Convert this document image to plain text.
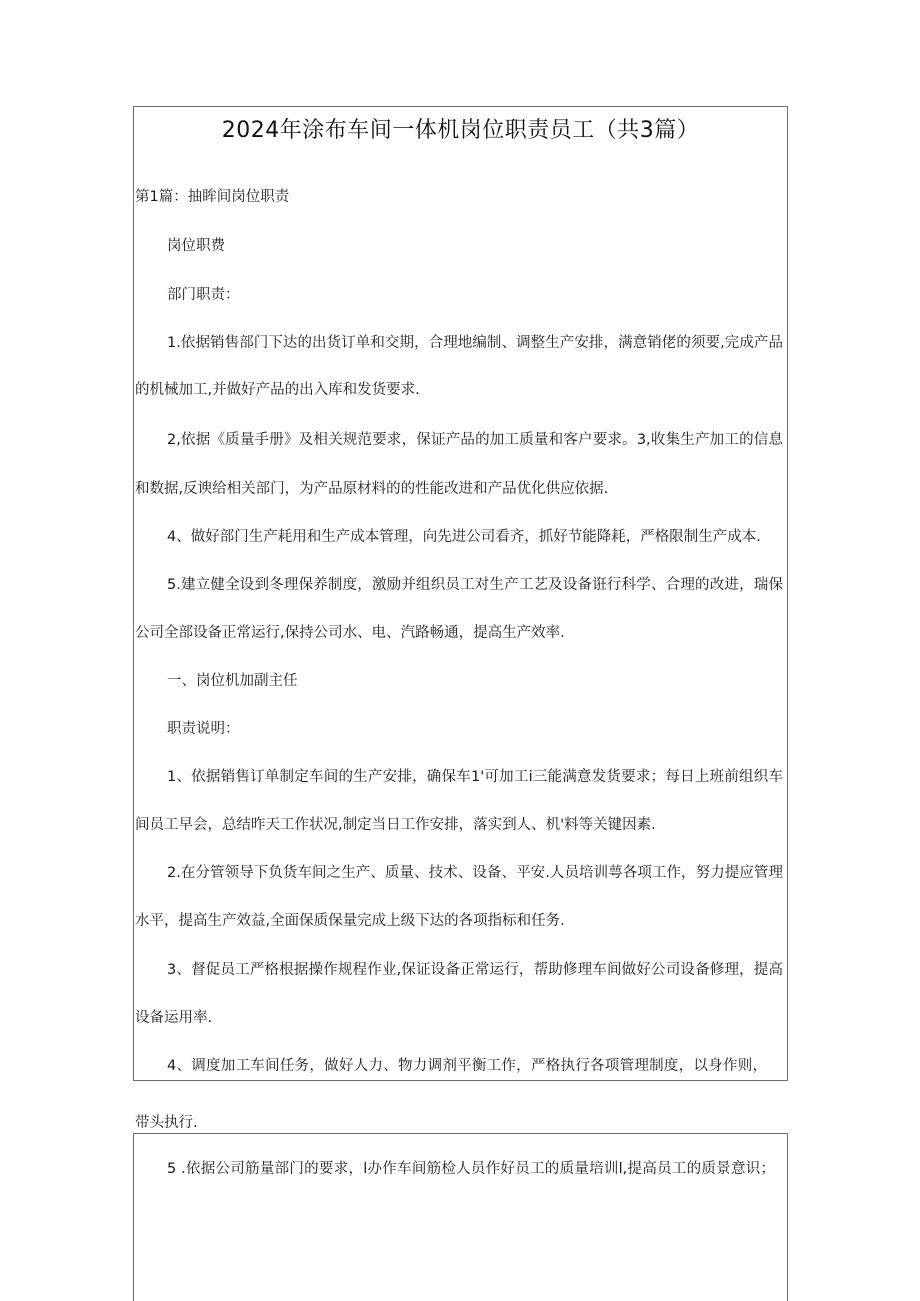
2024年涂布车间一体机岗位职责员工（共3篇）
第1篇：抽眸间岗位职责
岗位职费
部门职责：
1.依据销售部门下达的出货订单和交期，合理地编制、调整生产安排，满意销佬的须要,完成产品
的机械加工,并做好产品的出入库和发货要求.
2,依据《质量手册》及相关规范要求，保证产品的加工质量和客户要求。3,收集生产加工的信息
和数据,反谀给相关部门，为产品原材料的的性能改进和产品优化供应依据.
4、做好部门生产耗用和生产成本管理，向先进公司看齐，抓好节能降耗，严格限制生产成本.
5.建立健全设到冬理保养制度，激励并组织员工对生产工艺及设备诳行科学、合理的改进，瑞保
公司全部设备正常运行,保持公司水、电、汽路畅通，提高生产效率.
一、岗位机加副主任
职责说明：
1、依据销售订单制定车间的生产安排，确保车1'可加工i三能满意发货要求；每日上班前组织车
间员工早会，总结昨天工作状况,制定当日工作安排，落实到人、机'料等关键因素.
2.在分管领导下负货车间之生产、质量、技术、设备、平安.人员培训萼各项工作，努力提应管理
水平，提高生产效益,全面保质保量完成上级下达的各项指标和任务.
3、督促员工严格根据操作规程作业,保证设备正常运行，帮助修理车间做好公司设备修理，提高
设备运用率.
4、调度加工车间任务，做好人力、物力调剂平衡工作，严格执行各项管理制度，以身作则，
带头执行.
5 .依据公司筋量部门的要求，l办作车间筋检人员作好员工的质量培训l,提高员工的质景意识；
